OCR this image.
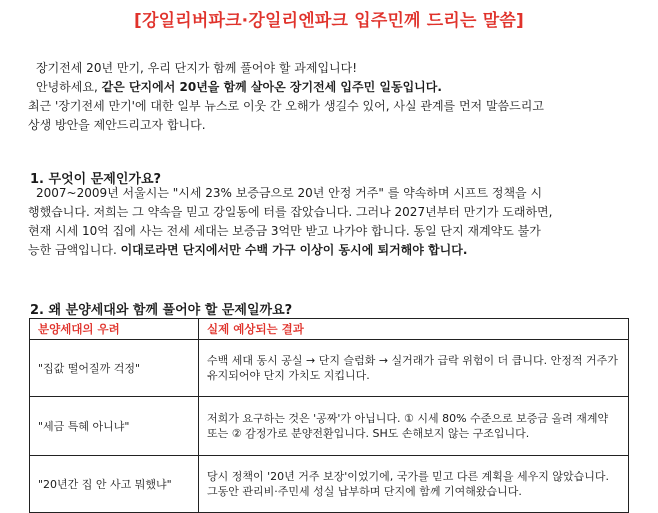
[강일리버파크·강일리엔파크 입주민께 드리는 말씀]
장기전세 20년 만기, 우리 단지가 함께 풀어야 할 과제입니다!
안녕하세요, 같은 단지에서 20년을 함께 살아온 장기전세 입주민 일동입니다.
최근 '장기전세 만기'에 대한 일부 뉴스로 이웃 간 오해가 생길수 있어, 사실 관계를 먼저 말씀드리고
상생 방안을 제안드리고자 합니다.
1. 무엇이 문제인가요?
2007~2009년 서울시는 "시세 23% 보증금으로 20년 안정 거주" 를 약속하며 시프트 정책을 시
행했습니다. 저희는 그 약속을 믿고 강일동에 터를 잡았습니다. 그러나 2027년부터 만기가 도래하면,
현재 시세 10억 집에 사는 전세 세대는 보증금 3억만 받고 나가야 합니다. 동일 단지 재계약도 불가
능한 금액입니다. 이대로라면 단지에서만 수백 가구 이상이 동시에 퇴거해야 합니다.
2. 왜 분양세대와 함께 풀어야 할 문제일까요?
분양세대의 우려	실제 예상되는 결과
"집값 떨어질까 걱정"	수백 세대 동시 공실 → 단지 슬럼화 → 실거래가 급락 위험이 더 큽니다. 안정적 거주가 유지되어야 단지 가치도 지킵니다.
"세금 특혜 아니냐"	저희가 요구하는 것은 '공짜'가 아닙니다. ① 시세 80% 수준으로 보증금 올려 재계약 또는 ② 감정가로 분양전환입니다. SH도 손해보지 않는 구조입니다.
"20년간 집 안 사고 뭐했냐"	당시 정책이 '20년 거주 보장'이었기에, 국가를 믿고 다른 계획을 세우지 않았습니다. 그동안 관리비·주민세 성실 납부하며 단지에 함께 기여해왔습니다.
